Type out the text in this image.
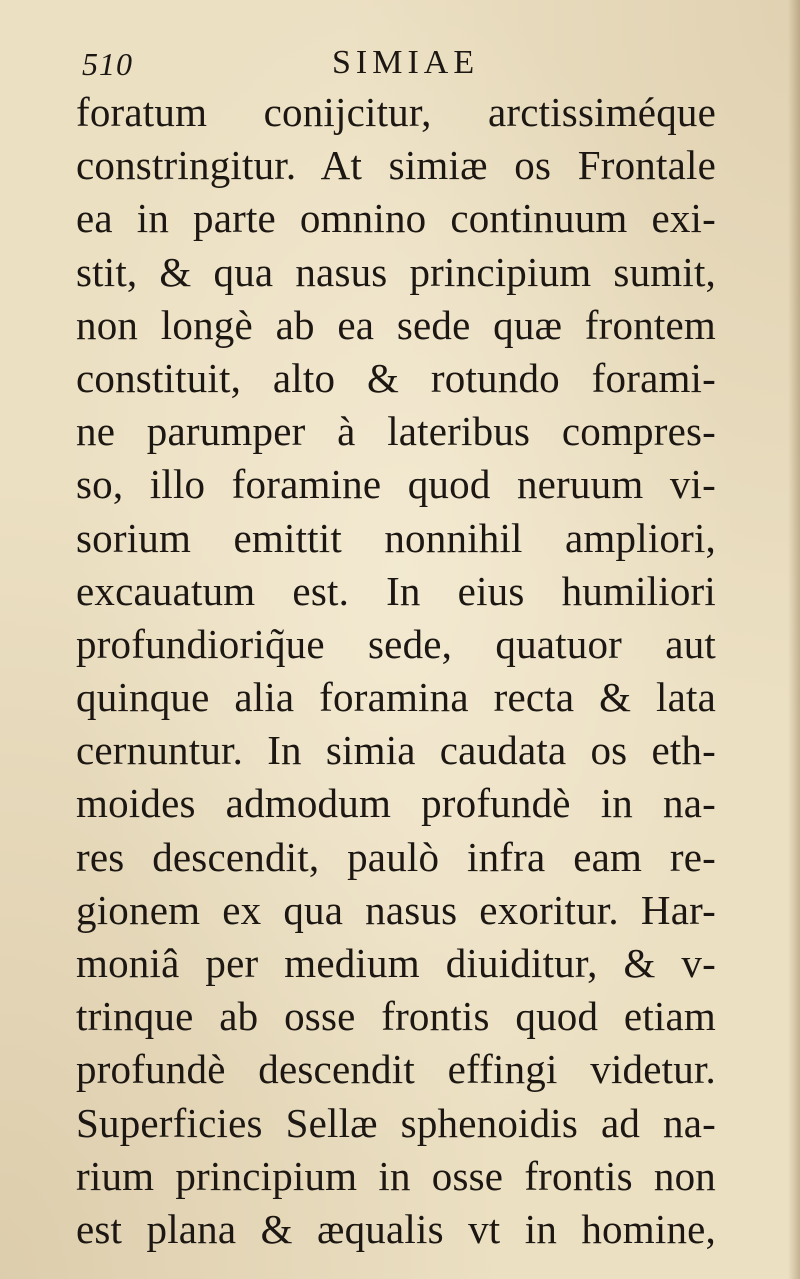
510	SIMIAE
foratum conijcitur, arctissiméque
constringitur. At simiæ os Frontale
ea in parte omnino continuum exi-
stit, & qua nasus principium sumit,
non longè ab ea sede quæ frontem
constituit, alto & rotundo forami-
ne parumper à lateribus compres-
so, illo foramine quod neruum vi-
sorium emittit nonnihil ampliori,
excauatum est. In eius humiliori
profundioriq̃ue sede, quatuor aut
quinque alia foramina recta & lata
cernuntur. In simia caudata os eth-
moides admodum profundè in na-
res descendit, paulò infra eam re-
gionem ex qua nasus exoritur. Har-
moniâ per medium diuiditur, & v-
trinque ab osse frontis quod etiam
profundè descendit effingi videtur.
Superficies Sellæ sphenoidis ad na-
rium principium in osse frontis non
est plana & æqualis vt in homine,
